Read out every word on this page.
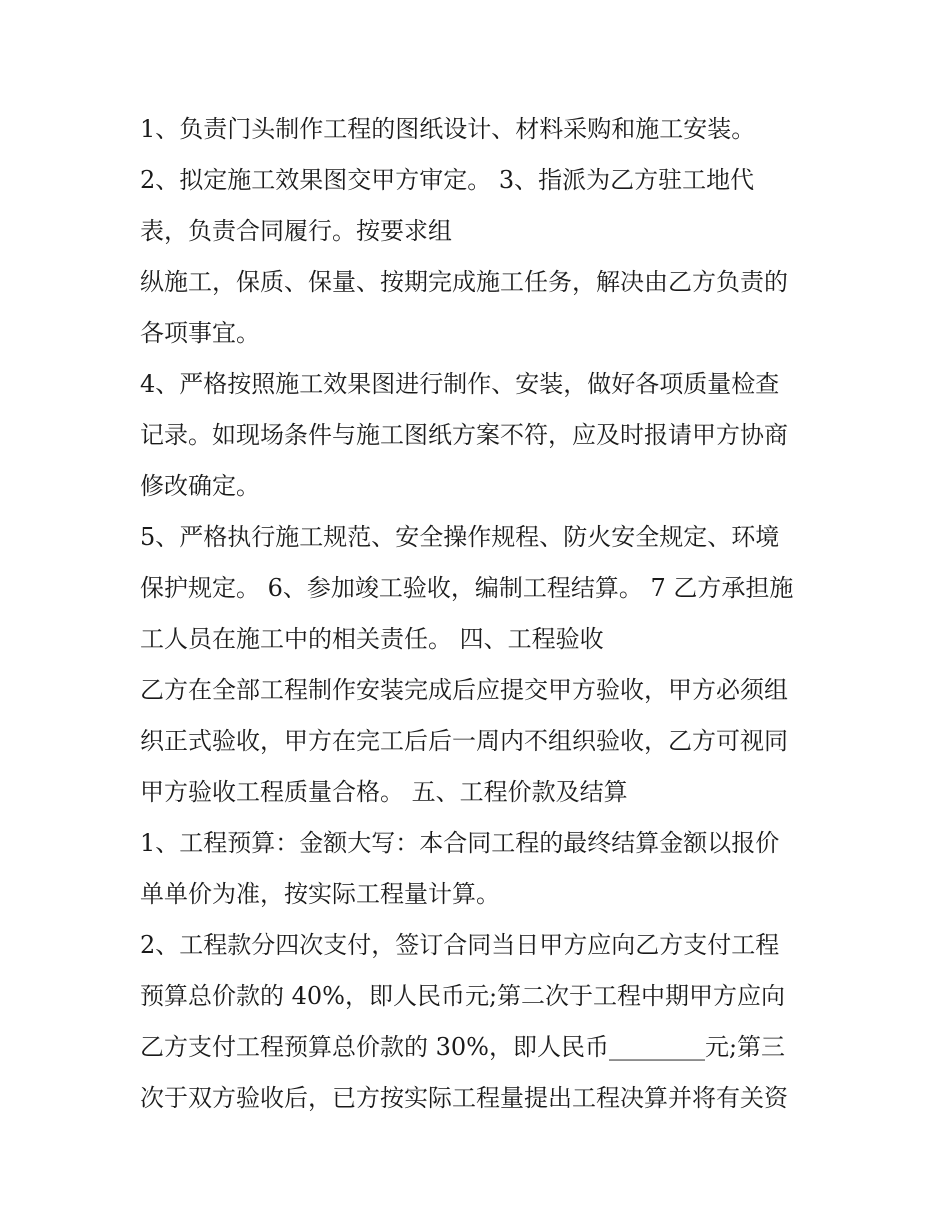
1、负责门头制作工程的图纸设计、材料采购和施工安装。
2、拟定施工效果图交甲方审定。 3、指派为乙方驻工地代
表，负责合同履行。按要求组
纵施工，保质、保量、按期完成施工任务，解决由乙方负责的
各项事宜。
4、严格按照施工效果图进行制作、安装，做好各项质量检查
记录。如现场条件与施工图纸方案不符，应及时报请甲方协商
修改确定。
5、严格执行施工规范、安全操作规程、防火安全规定、环境
保护规定。 6、参加竣工验收，编制工程结算。 7 乙方承担施
工人员在施工中的相关责任。 四、工程验收
乙方在全部工程制作安装完成后应提交甲方验收，甲方必须组
织正式验收，甲方在完工后后一周内不组织验收，乙方可视同
甲方验收工程质量合格。 五、工程价款及结算
1、工程预算：金额大写：本合同工程的最终结算金额以报价
单单价为准，按实际工程量计算。
2、工程款分四次支付，签订合同当日甲方应向乙方支付工程
预算总价款的 40%，即人民币元;第二次于工程中期甲方应向
乙方支付工程预算总价款的 30%，即人民币________元;第三
次于双方验收后，已方按实际工程量提出工程决算并将有关资
